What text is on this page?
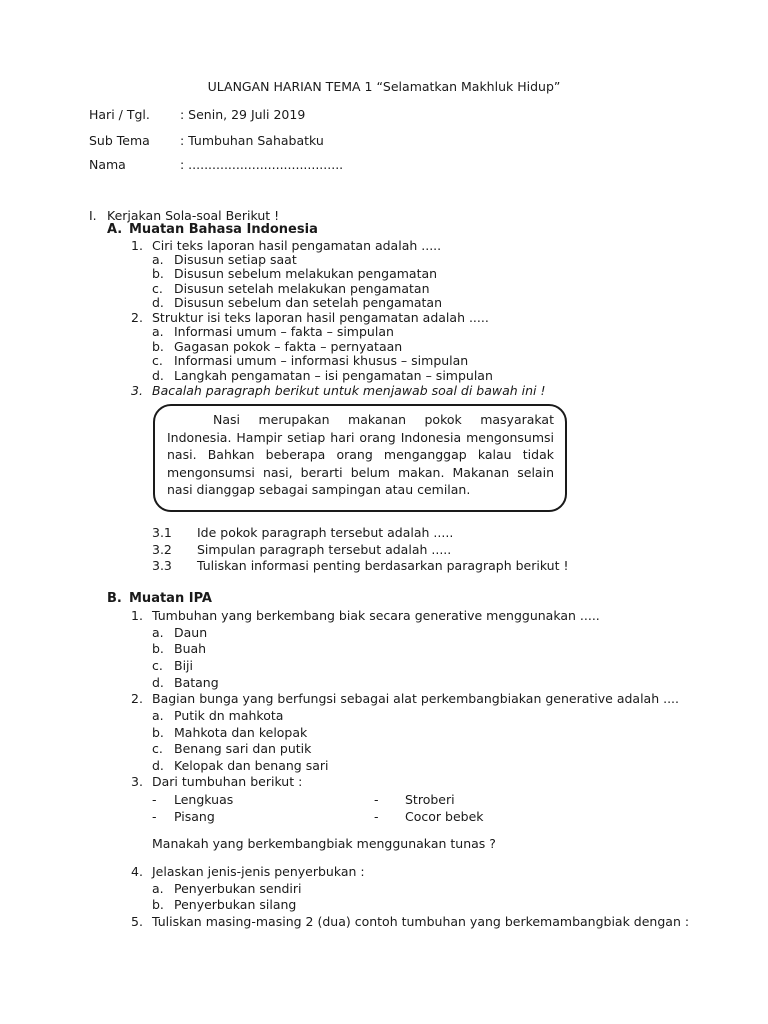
ULANGAN HARIAN TEMA 1 “Selamatkan Makhluk Hidup”
Hari / Tgl. : Senin, 29 Juli 2019
Sub Tema : Tumbuhan Sahabatku
Nama	: .......................................
I. Kerjakan Sola-soal Berikut !
A. Muatan Bahasa Indonesia
1. Ciri teks laporan hasil pengamatan adalah .....
a. Disusun setiap saat
b. Disusun sebelum melakukan pengamatan
c. Disusun setelah melakukan pengamatan
d. Disusun sebelum dan setelah pengamatan
2. Struktur isi teks laporan hasil pengamatan adalah .....
a. Informasi umum – fakta – simpulan
b. Gagasan pokok – fakta – pernyataan
c. Informasi umum – informasi khusus – simpulan
d. Langkah pengamatan – isi pengamatan – simpulan
3. Bacalah paragraph berikut untuk menjawab soal di bawah ini !
Nasi merupakan makanan pokok masyarakat Indonesia. Hampir setiap hari orang Indonesia mengonsumsi nasi. Bahkan beberapa orang menganggap kalau tidak mengonsumsi nasi, berarti belum makan. Makanan selain nasi dianggap sebagai sampingan atau cemilan.
3.1 Ide pokok paragraph tersebut adalah .....
3.2 Simpulan paragraph tersebut adalah .....
3.3 Tuliskan informasi penting berdasarkan paragraph berikut !
B. Muatan IPA
1. Tumbuhan yang berkembang biak secara generative menggunakan .....
a. Daun
b. Buah
c. Biji
d. Batang
2. Bagian bunga yang berfungsi sebagai alat perkembangbiakan generative adalah ....
a. Putik dn mahkota
b. Mahkota dan kelopak
c. Benang sari dan putik
d. Kelopak dan benang sari
3. Dari tumbuhan berikut :
- Lengkuas	- Stroberi
- Pisang	- Cocor bebek
Manakah yang berkembangbiak menggunakan tunas ?
4. Jelaskan jenis-jenis penyerbukan :
a. Penyerbukan sendiri
b. Penyerbukan silang
5. Tuliskan masing-masing 2 (dua) contoh tumbuhan yang berkemambangbiak dengan :
